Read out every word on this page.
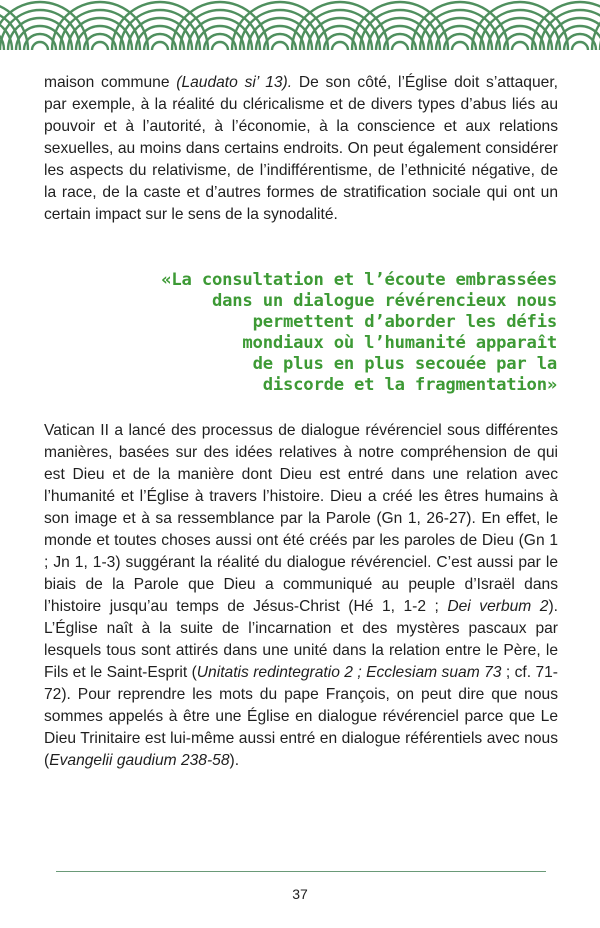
maison commune (Laudato si’ 13). De son côté, l’Église doit s’attaquer, par exemple, à la réalité du cléricalisme et de divers types d’abus liés au pouvoir et à l’autorité, à l’économie, à la conscience et aux relations sexuelles, au moins dans certains endroits. On peut également considérer les aspects du relativisme, de l’indifférentisme, de l’ethnicité négative, de la race, de la caste et d’autres formes de stratification sociale qui ont un certain impact sur le sens de la synodalité.

«La consultation et l’écoute embrassées
dans un dialogue révérencieux nous
permettent d’aborder les défis
mondiaux où l’humanité apparaît
de plus en plus secouée par la
discorde et la fragmentation»

Vatican II a lancé des processus de dialogue révérenciel sous différentes manières, basées sur des idées relatives à notre compréhension de qui est Dieu et de la manière dont Dieu est entré dans une relation avec l’humanité et l’Église à travers l’histoire. Dieu a créé les êtres humains à son image et à sa ressemblance par la Parole (Gn 1, 26-27). En effet, le monde et toutes choses aussi ont été créés par les paroles de Dieu (Gn 1 ; Jn 1, 1-3) suggérant la réalité du dialogue révérenciel. C’est aussi par le biais de la Parole que Dieu a communiqué au peuple d’Israël dans l’histoire jusqu’au temps de Jésus-Christ (Hé 1, 1-2 ; Dei verbum 2). L’Église naît à la suite de l’incarnation et des mystères pascaux par lesquels tous sont attirés dans une unité dans la relation entre le Père, le Fils et le Saint-Esprit (Unitatis redintegratio 2 ; Ecclesiam suam 73 ; cf. 71-72). Pour reprendre les mots du pape François, on peut dire que nous sommes appelés à être une Église en dialogue révérenciel parce que Le Dieu Trinitaire est lui-même aussi entré en dialogue référentiels avec nous (Evangelii gaudium 238-58).

37
